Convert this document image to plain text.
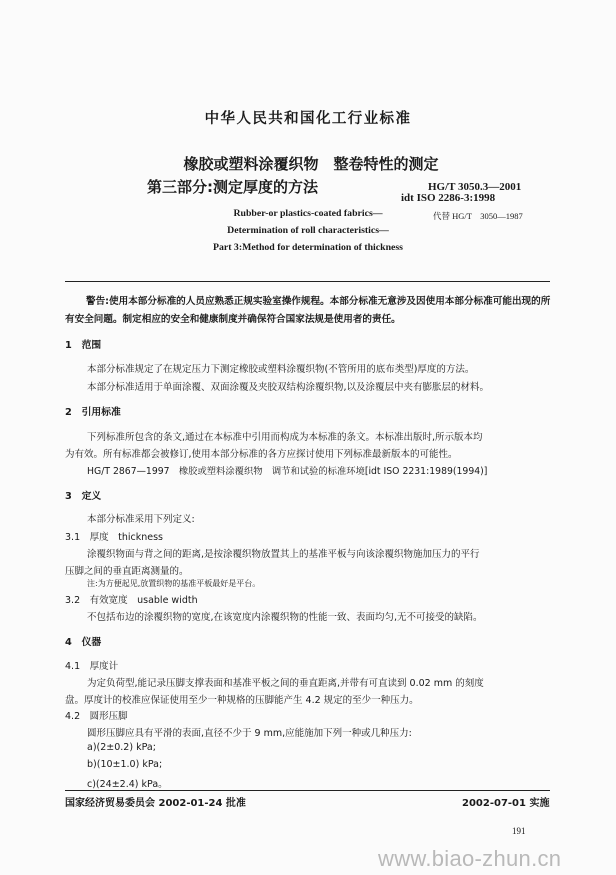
中华人民共和国化工行业标准
橡胶或塑料涂覆织物　整卷特性的测定
第三部分:测定厚度的方法	HG/T 3050.3—2001
idt ISO 2286-3:1998
代替 HG/T　3050—1987
Rubber-or plastics-coated fabrics—
Determination of roll characteristics—
Part 3:Method for determination of thickness
警告:使用本部分标准的人员应熟悉正规实验室操作规程。本部分标准无意涉及因使用本部分标准可能出现的所有安全问题。制定相应的安全和健康制度并确保符合国家法规是使用者的责任。
1　范围
本部分标准规定了在规定压力下测定橡胶或塑料涂覆织物(不管所用的底布类型)厚度的方法。
本部分标准适用于单面涂覆、双面涂覆及夹胶双结构涂覆织物,以及涂覆层中夹有膨胀层的材料。
2　引用标准
下列标准所包含的条文,通过在本标准中引用而构成为本标准的条文。本标准出版时,所示版本均
为有效。所有标准都会被修订,使用本部分标准的各方应探讨使用下列标准最新版本的可能性。
HG/T 2867—1997　橡胶或塑料涂覆织物　调节和试验的标准环境[idt ISO 2231:1989(1994)]
3　定义
本部分标准采用下列定义:
3.1　厚度　thickness
涂覆织物面与背之间的距离,是按涂覆织物放置其上的基准平板与向该涂覆织物施加压力的平行
压脚之间的垂直距离测量的。
注:为方便起见,放置织物的基准平板最好是平台。
3.2　有效宽度　usable width
不包括布边的涂覆织物的宽度,在该宽度内涂覆织物的性能一致、表面均匀,无不可接受的缺陷。
4　仪器
4.1　厚度计
为定负荷型,能记录压脚支撑表面和基准平板之间的垂直距离,并带有可直读到 0.02 mm 的刻度
盘。厚度计的校准应保证使用至少一种规格的压脚能产生 4.2 规定的至少一种压力。
4.2　圆形压脚
圆形压脚应具有平滑的表面,直径不少于 9 mm,应能施加下列一种或几种压力:
a)(2±0.2) kPa;
b)(10±1.0) kPa;
c)(24±2.4) kPa。
国家经济贸易委员会 2002-01-24 批准	2002-07-01 实施
191
www.biao-zhun.cn
